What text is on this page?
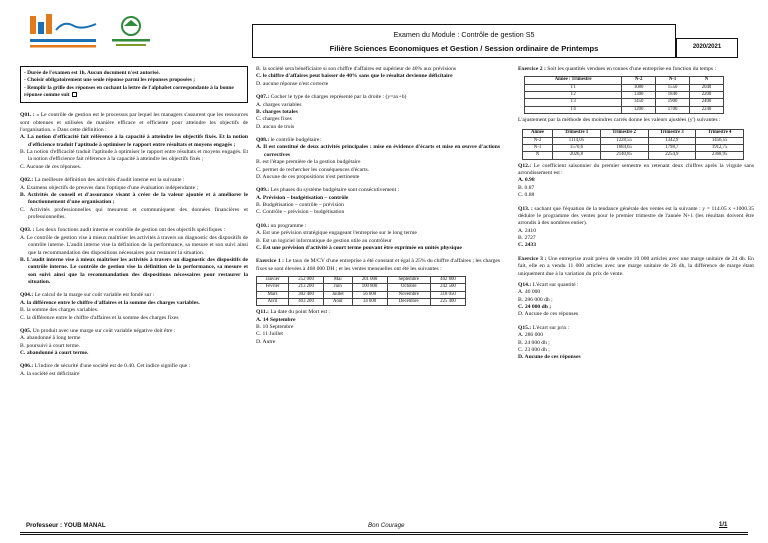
Examen du Module : Contrôle de gestion S5
Filière Sciences Economiques et Gestion / Session ordinaire de Printemps	2020/2021
- Durée de l'examen est 1h. Aucun document n'est autorisé.
- Choisir obligatoirement une seule réponse parmi les réponses proposées ;
- Remplir la grille des réponses en cochant la lettre de l'alphabet correspondante à la bonne réponse comme suit
Q01. : « Le contrôle de gestion est le processus par lequel les managers s'assurent que les ressources sont obtenues et utilisées de manière efficace et efficiente pour atteindre les objectifs de l'organisation. » Dans cette définition :
A. La notion d'efficacité fait référence à la capacité à atteindre les objectifs fixés. Et la notion d'efficience traduit l'aptitude à optimiser le rapport entre résultats et moyens engagés ;
B. La notion d'efficacité traduit l'aptitude à optimiser le rapport entre résultats et moyens engagés. Et la notion d'efficience fait référence à la capacité à atteindre les objectifs fixés ;
C. Aucune de ces réponses.
Q02.: La meilleure définition des activités d'audit interne est la suivante :
A. Examens objectifs de preuves dans l'optique d'une évaluation indépendante ;
B. Activités de conseil et d'assurance visant à créer de la valeur ajoutée et à améliorer le fonctionnement d'une organisation ;
C. Activités professionnelles qui mesurent et communiquent des données financières et professionnelles.
Q03. : Les deux fonctions audit interne et contrôle de gestion ont des objectifs spécifiques :
A. Le contrôle de gestion vise à mieux maîtriser les activités à travers un diagnostic des dispositifs de contrôle interne. L'audit interne vise la définition de la performance, sa mesure et son suivi ainsi que la recommandation des dispositions nécessaires pour restaurer la situation.
B. L'audit interne vise à mieux maîtriser les activités à travers un diagnostic des dispositifs de contrôle interne. Le contrôle de gestion vise la définition de la performance, sa mesure et son suivi ainsi que la recommandation des dispositions nécessaires pour restaurer la situation.
Q04.: Le calcul de la marge sur coût variable est fondé sur :
A. la différence entre le chiffre d'affaires et la somme des charges variables.
B. la somme des charges variables.
C. la différence entre le chiffre d'affaires et la somme des charges fixes
Q05. Un produit avec une marge sur coût variable négative doit être :
A. abandonné à long terme
B. poursuivi à court terme.
C. abandonné à court terme.
Q06.: L'indice de sécurité d'une société est de 0.40. Cet indice signifie que :
A. la société est déficitaire
B. la société sera bénéficiaire si son chiffre d'affaires est supérieur de 40% aux prévisions
C. le chiffre d'affaires peut baisser de 40% sans que le résultat devienne déficitaire
D. aucune réponse n'est correcte
Q07.: Cocher le type de charges représenté par la droite : (y=ax+b)
A. charges variables
B. charges totales
C. charges fixes
D. aucun de trois
Q08.: le contrôle budgétaire:
A. Il est constitué de deux activités principales : mise en évidence d'écarts et mise en œuvre d'actions correctives
B. est l'étape première de la gestion budgétaire
C. permet de rechercher les conséquences d'écarts.
D. Aucune de ces propositions n'est pertinente
Q09.: Les phases du système budgétaire sont consécutivement :
A. Prévision – budgétisation – contrôle
B. Budgétisation – contrôle – prévision
C. Contrôle – prévision – budgétisation
Q10.: un programme :
A. Est une prévision stratégique engageant l'entreprise sur le long terme
B. Est un logiciel informatique de gestion utile au contrôleur
C. Est une prévision d'activité à court terme pouvant être exprimée en unités physique
Exercice 1 : Le taux de M/CV d'une entreprise a été constant et égal à 25% du chiffre d'affaires ; les charges fixes se sont élevées à 468 000 DH ; et les ventes mensuelles ont été les suivantes :
Janvier	252 000	Mai	201 000	Septembre	402 800
Février	213 200	Juin	100 800	Octobre	242 500
Mars	302 400	Juillet	56 000	Novembre	318 050
Avril	403 200	Août	34 000	Décembre	225 400
Q11.: La date du point Mort est :
A. 14 Septembre
B. 10 Septembre
C. 11 Juillet
D. Autre
Exercice 2 : Soit les quantités vendues en tonnes d'une entreprise en fonction du temps :
Année / Trimestre	N-2	N-1	N
T1	1080	1550	2040
T2	1300	1840	2200
T3	1450	1900	2400
T4	1200	1700	2240
L'ajustement par la méthode des moindres carrés donne les valeurs ajustées (y') suivantes :
Année	Trimestre 1	Trimestre 2	Trimestre 3	Trimestre 4
N-2	1114,05	1228,55	1342,9	1456,55
N-1	1570,6	1684,65	1798,7	1912,75
N	2026,8	2140,85	2254,9	2368,95
Q12.: Le coefficient saisonnier du premier semestre en retenant deux chiffres après la virgule sans arrondissement est :
A. 0.98
B. 0.87
C. 0.88
Q13. : sachant que l'équation de la tendance générale des ventes est la suivante : y = 114.05 x +1000.35 déduire le programme des ventes pour le premier trimestre de l'année N+1 (les résultats doivent être arrondis à des nombres entier).
A. 2410
B. 2727
C. 2433
Exercice 3 : Une entreprise avait prévu de vendre 10 000 articles avec une marge unitaire de 24 dh. En fait, elle en a vendu 11 000 articles avec une marge unitaire de 26 dh, la différence de marge étant uniquement due à la variation du prix de vente.
Q14.: L'écart sur quantité :
A. 46 000
B. 286 000 dh ;
C. 24 000 dh ;
D. Aucune de ces réponses
Q15.: L'écart sur prix :
A. 286 000
B. 24 000 dh ;
C. 23 000 dh ;
D. Aucune de ces réponses
Professeur : YOUB MANAL	Bon Courage	1/1
